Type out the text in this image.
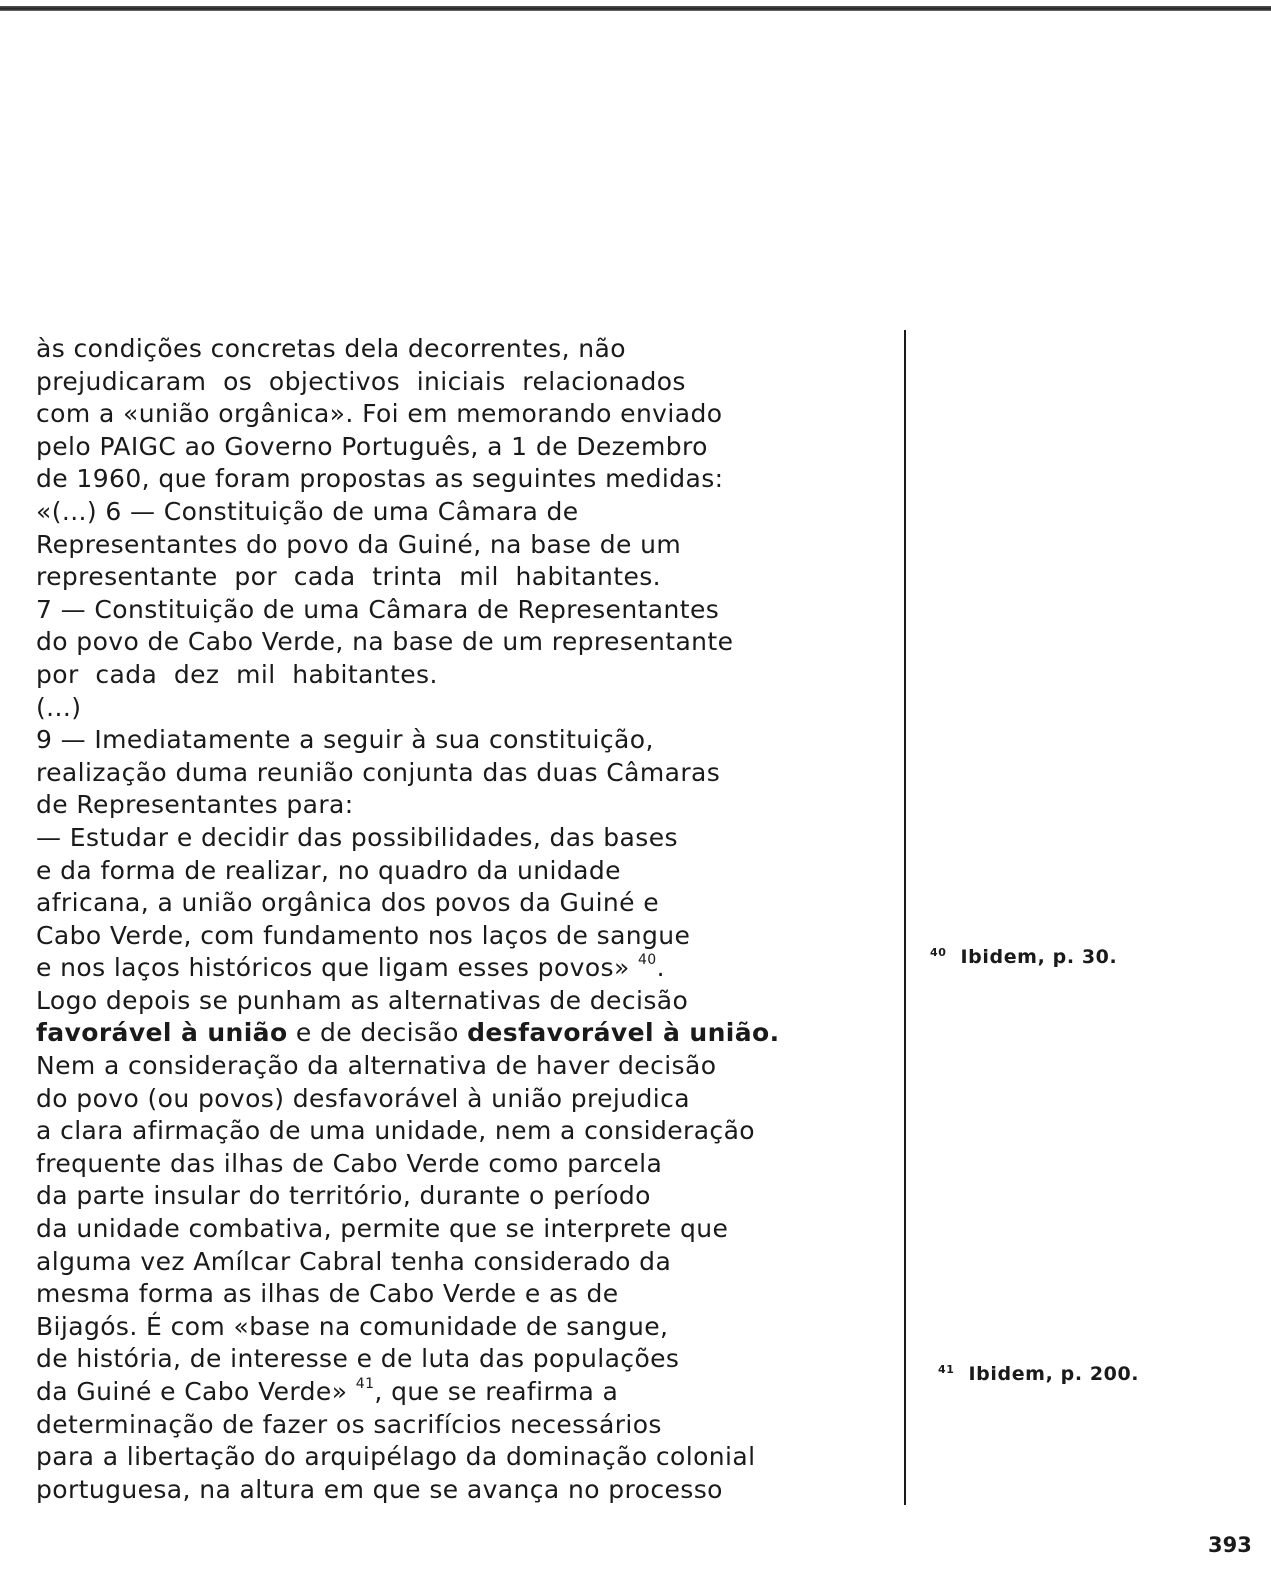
às condições concretas dela decorrentes, não
prejudicaram  os  objectivos  iniciais  relacionados
com a «união orgânica». Foi em memorando enviado
pelo PAIGC ao Governo Português, a 1 de Dezembro
de 1960, que foram propostas as seguintes medidas:
«(...) 6 — Constituição de uma Câmara de
Representantes do povo da Guiné, na base de um
representante  por  cada  trinta  mil  habitantes.
7 — Constituição de uma Câmara de Representantes
do povo de Cabo Verde, na base de um representante
por  cada  dez  mil  habitantes.
(...)
9 — Imediatamente a seguir à sua constituição,
realização duma reunião conjunta das duas Câmaras
de Representantes para:
— Estudar e decidir das possibilidades, das bases
e da forma de realizar, no quadro da unidade
africana, a união orgânica dos povos da Guiné e
Cabo Verde, com fundamento nos laços de sangue
e nos laços históricos que ligam esses povos» $^{40}$.
Logo depois se punham as alternativas de decisão
favorável à união e de decisão desfavorável à união.
Nem a consideração da alternativa de haver decisão
do povo (ou povos) desfavorável à união prejudica
a clara afirmação de uma unidade, nem a consideração
frequente das ilhas de Cabo Verde como parcela
da parte insular do território, durante o período
da unidade combativa, permite que se interprete que
alguma vez Amílcar Cabral tenha considerado da
mesma forma as ilhas de Cabo Verde e as de
Bijagós. É com «base na comunidade de sangue,
de história, de interesse e de luta das populações
da Guiné e Cabo Verde» $^{41}$, que se reafirma a
determinação de fazer os sacrifícios necessários
para a libertação do arquipélago da dominação colonial
portuguesa, na altura em que se avança no processo
$^{40}$ Ibidem, p. 30.
$^{41}$ Ibidem, p. 200.
393
